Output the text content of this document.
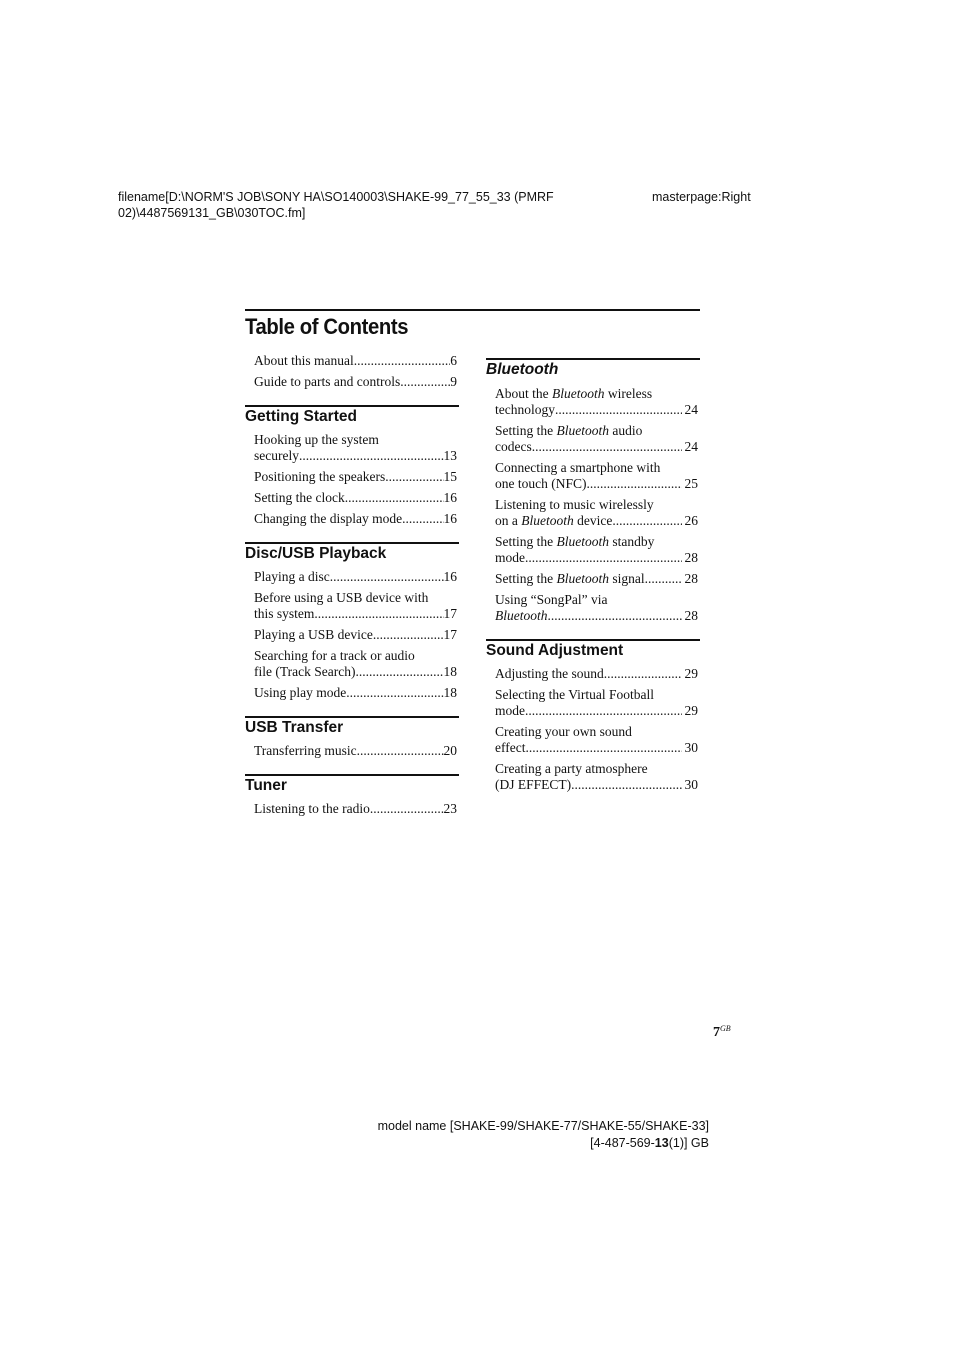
filename[D:\NORM'S JOB\SONY HA\SO140003\SHAKE-99_77_55_33 (PMRF
02)\4487569131_GB\030TOC.fm]
masterpage:Right
Table of Contents
About this manual .....	6
Guide to parts and controls .....	9
Getting Started
Hooking up the system
securely .....	13
Positioning the speakers .....	15
Setting the clock .....	16
Changing the display mode .....	16
Disc/USB Playback
Playing a disc .....	16
Before using a USB device with
this system .....	17
Playing a USB device .....	17
Searching for a track or audio
file (Track Search) .....	18
Using play mode .....	18
USB Transfer
Transferring music .....	20
Tuner
Listening to the radio .....	23
Bluetooth
About the Bluetooth wireless
technology .....	24
Setting the Bluetooth audio
codecs .....	24
Connecting a smartphone with
one touch (NFC) .....	25
Listening to music wirelessly
on a Bluetooth device .....	26
Setting the Bluetooth standby
mode .....	28
Setting the Bluetooth signal .....	28
Using “SongPal” via
Bluetooth .....	28
Sound Adjustment
Adjusting the sound .....	29
Selecting the Virtual Football
mode .....	29
Creating your own sound
effect .....	30
Creating a party atmosphere
(DJ EFFECT) .....	30
$7^{GB}$
model name [SHAKE-99/SHAKE-77/SHAKE-55/SHAKE-33]
[4-487-569-13(1)] GB
